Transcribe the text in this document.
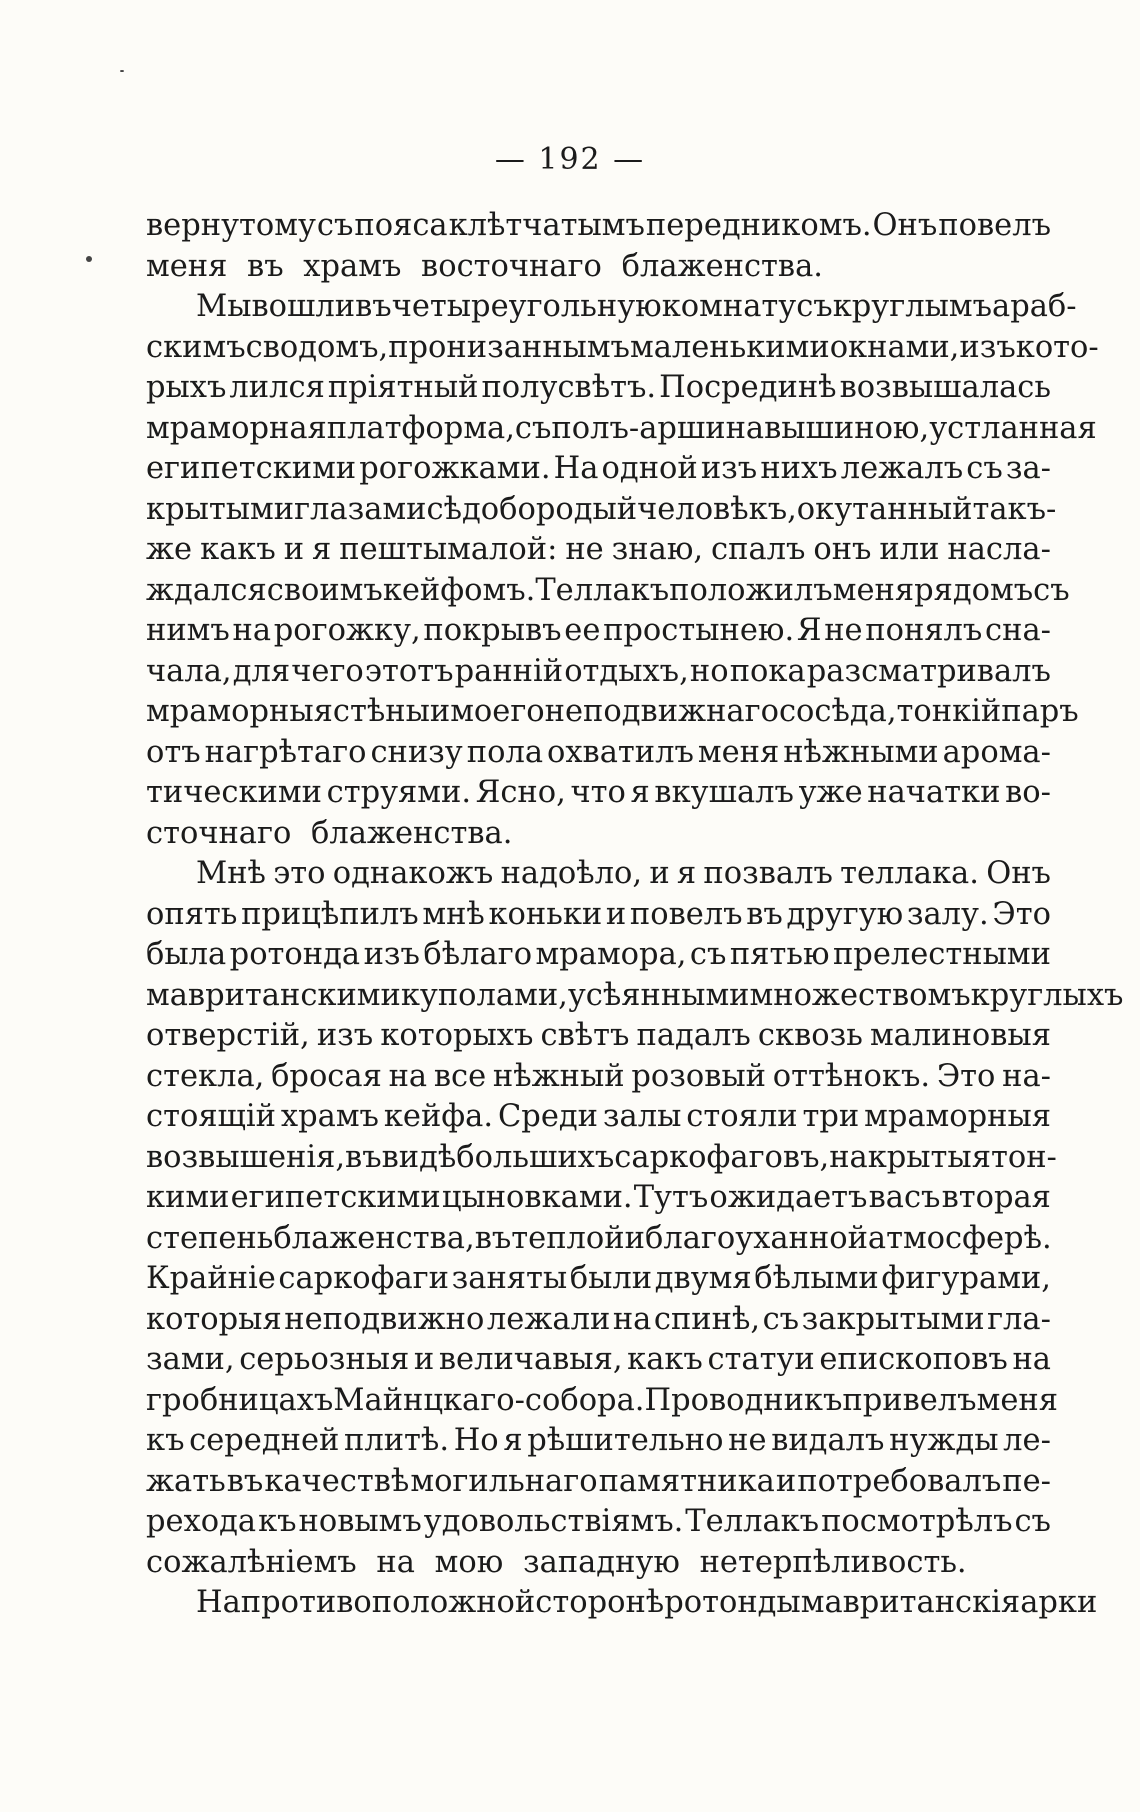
— 192 —
вернутому съ пояса клѣтчатымъ передникомъ. Онъ повелъ
меня въ храмъ восточнаго блаженства.
Мы вошли въ четыреугольную комнату съ круглымъ араб-
скимъ сводомъ, пронизаннымъ маленькими окнами, изъ кото-
рыхъ лился пріятный полусвѣтъ. Посрединѣ возвышалась
мраморная платформа, съ полъ-аршина вышиною, устланная
египетскими рогожками. На одной изъ нихъ лежалъ съ за-
крытыми глазами сѣдобородый человѣкъ, окутанный такъ-
же какъ и я пештымалой: не знаю, спалъ онъ или насла-
ждался своимъ кейфомъ. Теллакъ положилъ меня рядомъ съ
нимъ на рогожку, покрывъ ее простынею. Я не понялъ сна-
чала, для чего этотъ ранній отдыхъ, но пока разсматривалъ
мраморныя стѣны и моего неподвижнаго сосѣда, тонкій паръ
отъ нагрѣтаго снизу пола охватилъ меня нѣжными арома-
тическими струями. Ясно, что я вкушалъ уже начатки во-
сточнаго блаженства.
Мнѣ это однакожъ надоѣло, и я позвалъ теллака. Онъ
опять прицѣпилъ мнѣ коньки и повелъ въ другую залу. Это
была ротонда изъ бѣлаго мрамора, съ пятью прелестными
мавританскими куполами, усѣянными множествомъ круглыхъ
отверстій, изъ которыхъ свѣтъ падалъ сквозь малиновыя
стекла, бросая на все нѣжный розовый оттѣнокъ. Это на-
стоящій храмъ кейфа. Среди залы стояли три мраморныя
возвышенія, въ видѣ большихъ саркофаговъ, накрытыя тон-
кими египетскими цыновками. Тутъ ожидаетъ васъ вторая
степень блаженства, въ теплой и благоуханной атмосферѣ.
Крайніе саркофаги заняты были двумя бѣлыми фигурами,
которыя неподвижно лежали на спинѣ, съ закрытыми гла-
зами, серьозныя и величавыя, какъ статуи епископовъ на
гробницахъ Майнцкаго - собора. Проводникъ привелъ меня
къ середней плитѣ. Но я рѣшительно не видалъ нужды ле-
жать въ качествѣ могильнаго памятника и потребовалъ пе-
рехода къ новымъ удовольствіямъ. Теллакъ посмотрѣлъ съ
сожалѣніемъ на мою западную нетерпѣливость.
На противоположной сторонѣ ротонды мавританскія арки
